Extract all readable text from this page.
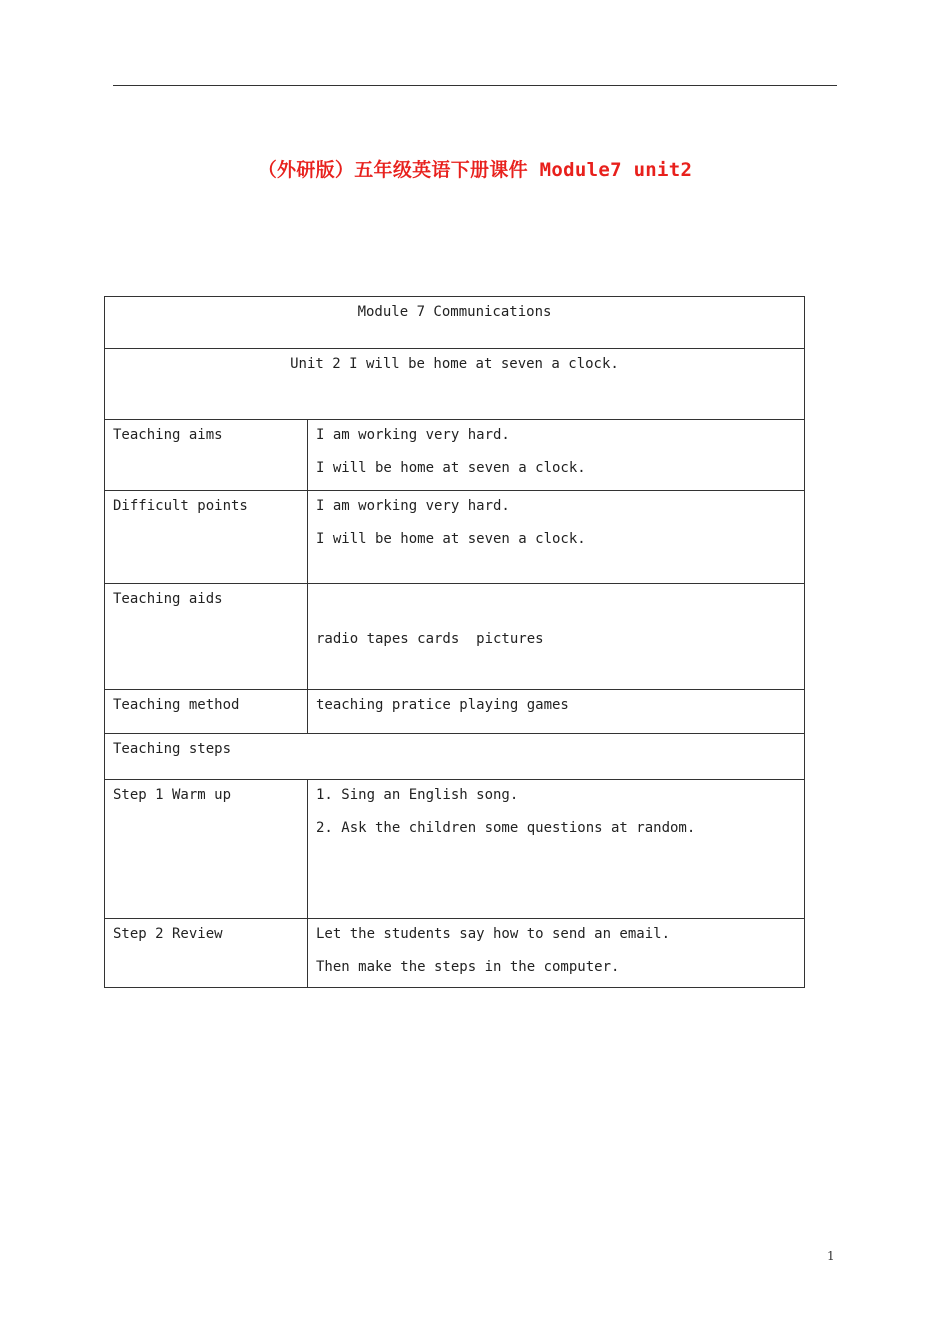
（外研版）五年级英语下册课件 Module7 unit2
Module 7 Communications	
Unit 2 I will be home at seven a clock.	
Teaching aims	I am working very hard.
I will be home at seven a clock.

Difficult points	I am working very hard.
I will be home at seven a clock.

Teaching aids	radio tapes cards  pictures

Teaching method	teaching pratice playing games

Teaching steps	
Step 1 Warm up	1. Sing an English song.
2. Ask the children some questions at random.

Step 2 Review	Let the students say how to send an email.
Then make the steps in the computer.
1
